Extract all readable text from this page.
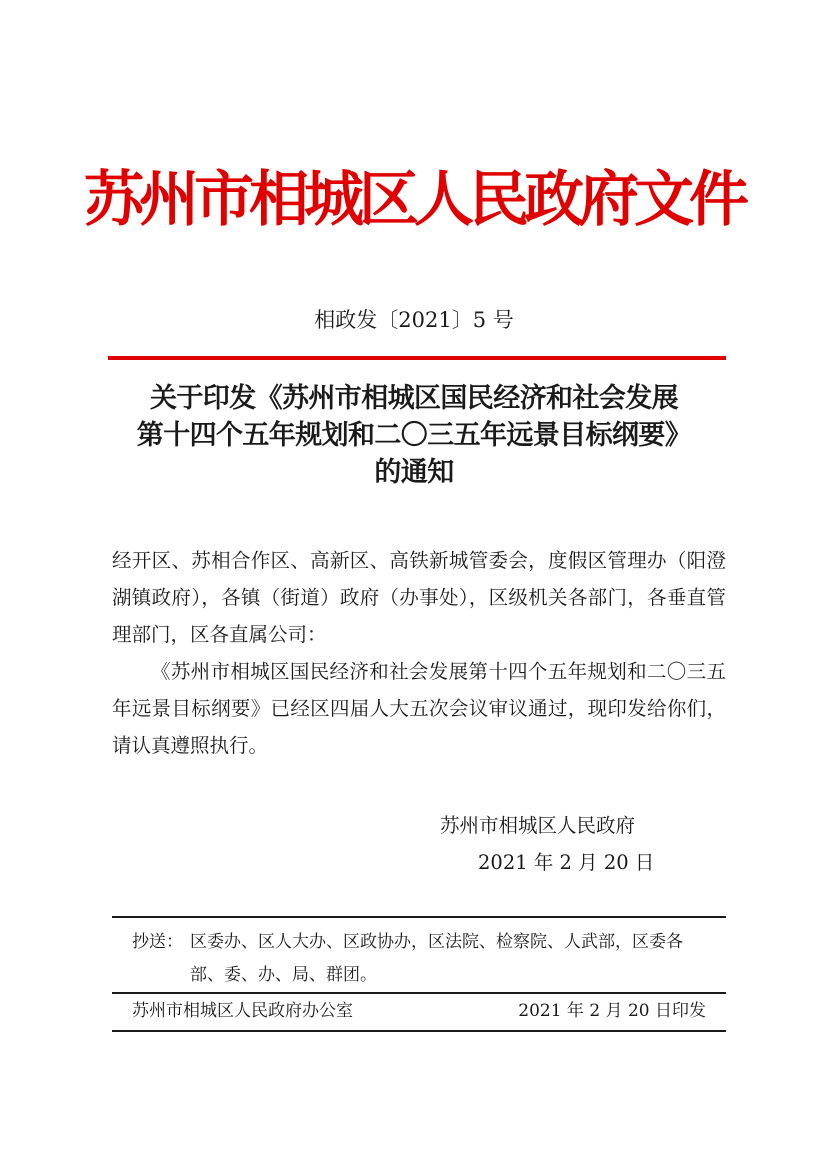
苏州市相城区人民政府文件
相政发〔2021〕5 号
关于印发《苏州市相城区国民经济和社会发展
第十四个五年规划和二〇三五年远景目标纲要》
的通知

经开区、苏相合作区、高新区、高铁新城管委会，度假区管理办（阳澄湖镇政府），各镇（街道）政府（办事处），区级机关各部门，各垂直管理部门，区各直属公司：

《苏州市相城区国民经济和社会发展第十四个五年规划和二〇三五年远景目标纲要》已经区四届人大五次会议审议通过，现印发给你们，请认真遵照执行。

苏州市相城区人民政府
2021 年 2 月 20 日
抄送： 区委办、区人大办、区政协办，区法院、检察院、人武部，区委各部、委、办、局、群团。
苏州市相城区人民政府办公室	2021 年 2 月 20 日印发
